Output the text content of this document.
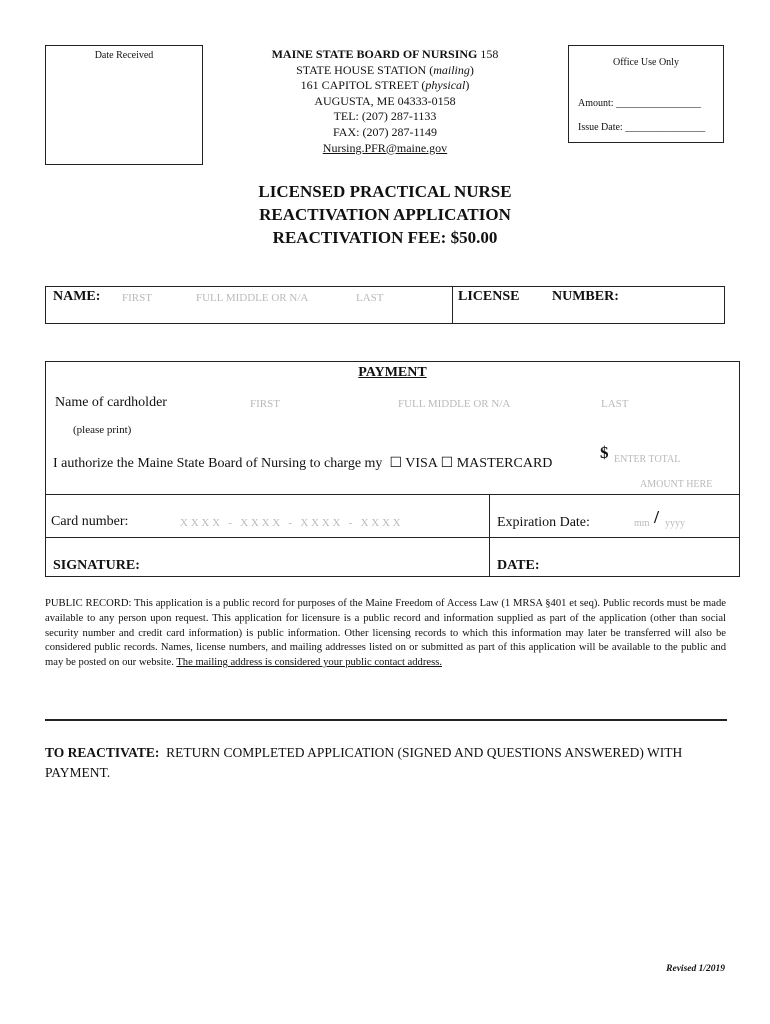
Date Received	MAINE STATE BOARD OF NURSING 158
STATE HOUSE STATION (mailing)
161 CAPITOL STREET (physical)
AUGUSTA, ME 04333-0158
TEL: (207) 287-1133
FAX: (207) 287-1149
Nursing.PFR@maine.gov
Office Use Only
Amount: _________________
Issue Date: ________________
LICENSED PRACTICAL NURSE
REACTIVATION APPLICATION
REACTIVATION FEE: $50.00
NAME: FIRST	FULL MIDDLE OR N/A	LAST	LICENSE NUMBER:
PAYMENT
Name of cardholder	FIRST	FULL MIDDLE OR N/A	LAST
(please print)
I authorize the Maine State Board of Nursing to charge my ☐ VISA ☐ MASTERCARD
$ ENTER TOTAL
AMOUNT HERE
Card number:	X X X X   -   X X X X   -   X X X X   -   X X X X	Expiration Date:	mm / yyyy
SIGNATURE:	DATE:
PUBLIC RECORD: This application is a public record for purposes of the Maine Freedom of Access Law (1 MRSA §401 et seq). Public records must be made available to any person upon request. This application for licensure is a public record and information supplied as part of the application (other than social security number and credit card information) is public information. Other licensing records to which this information may later be transferred will also be considered public records. Names, license numbers, and mailing addresses listed on or submitted as part of this application will be available to the public and may be posted on our website. The mailing address is considered your public contact address.
TO REACTIVATE: RETURN COMPLETED APPLICATION (SIGNED AND QUESTIONS ANSWERED) WITH PAYMENT.
Revised 1/2019
